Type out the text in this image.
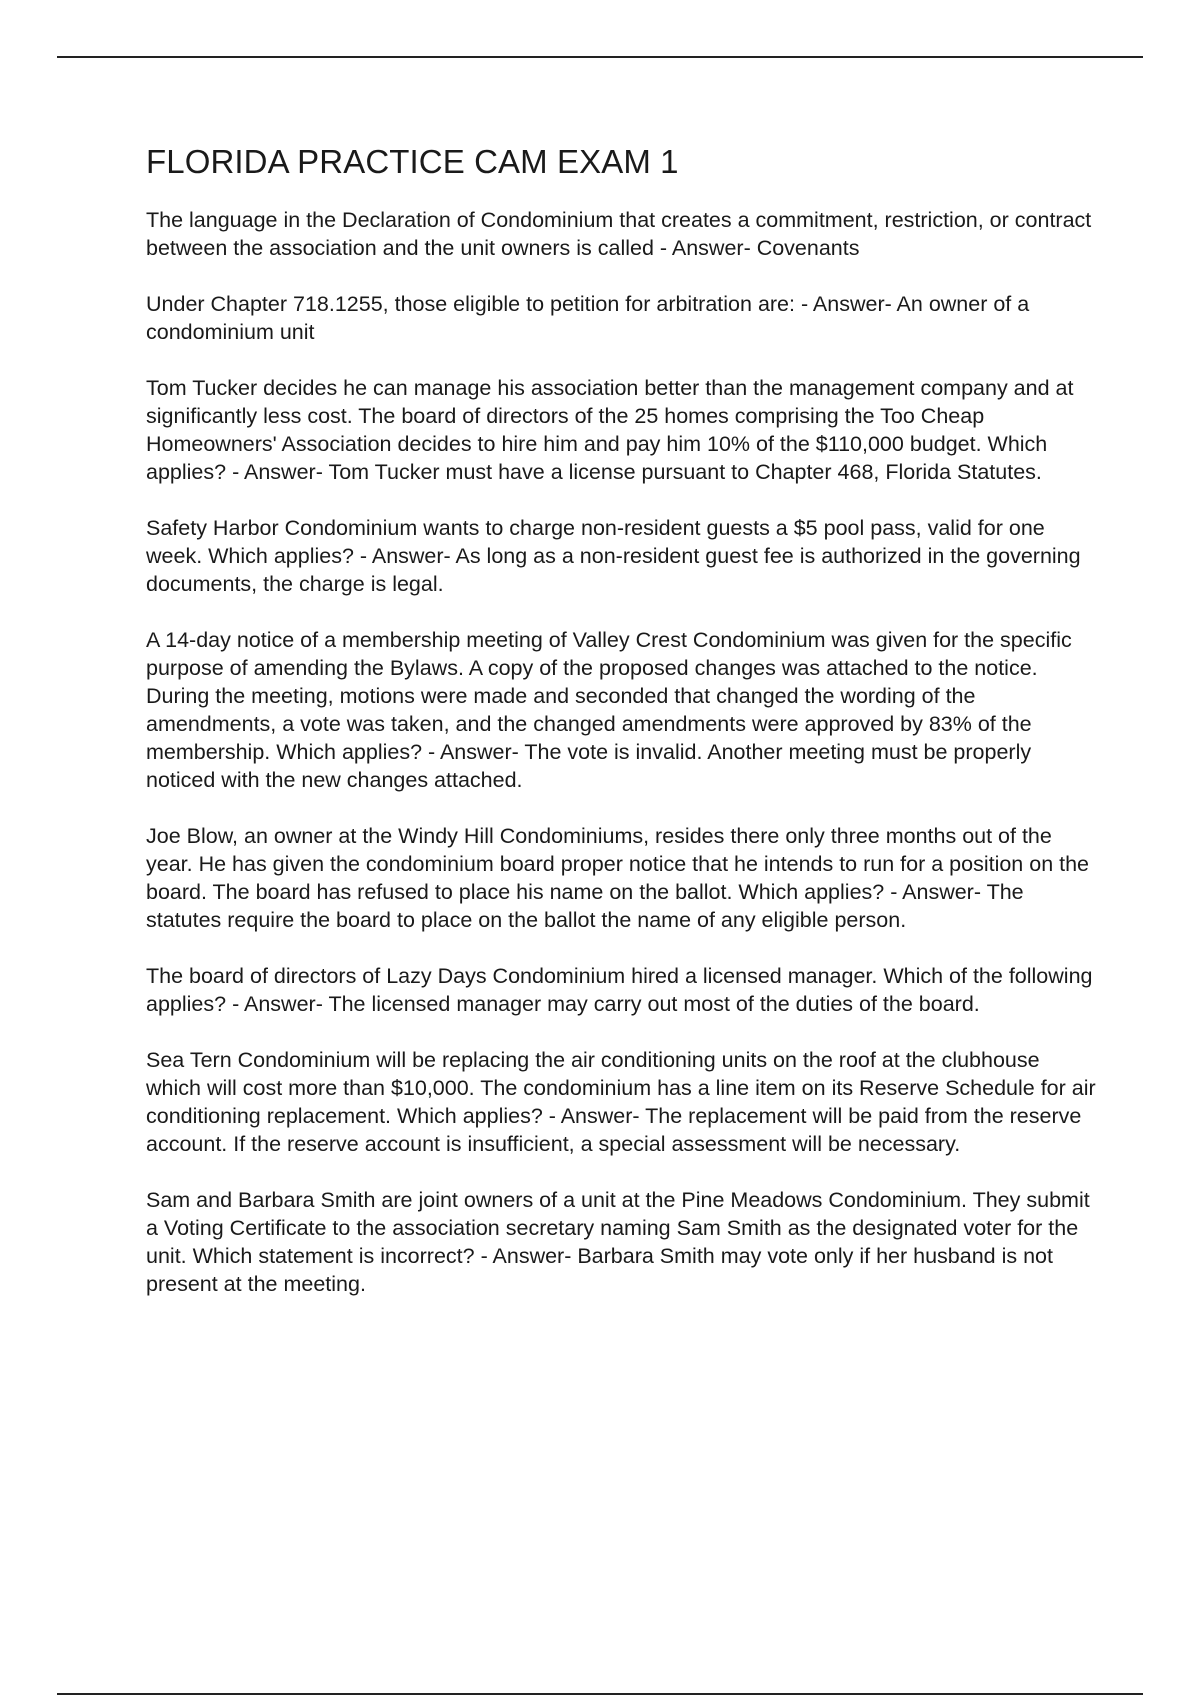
FLORIDA PRACTICE CAM EXAM 1

The language in the Declaration of Condominium that creates a commitment, restriction, or contract between the association and the unit owners is called - Answer- Covenants

Under Chapter 718.1255, those eligible to petition for arbitration are: - Answer- An owner of a condominium unit

Tom Tucker decides he can manage his association better than the management company and at significantly less cost. The board of directors of the 25 homes comprising the Too Cheap Homeowners' Association decides to hire him and pay him 10% of the $110,000 budget. Which applies? - Answer- Tom Tucker must have a license pursuant to Chapter 468, Florida Statutes.

Safety Harbor Condominium wants to charge non-resident guests a $5 pool pass, valid for one week. Which applies? - Answer- As long as a non-resident guest fee is authorized in the governing documents, the charge is legal.

A 14-day notice of a membership meeting of Valley Crest Condominium was given for the specific purpose of amending the Bylaws. A copy of the proposed changes was attached to the notice. During the meeting, motions were made and seconded that changed the wording of the amendments, a vote was taken, and the changed amendments were approved by 83% of the membership. Which applies? - Answer- The vote is invalid. Another meeting must be properly noticed with the new changes attached.

Joe Blow, an owner at the Windy Hill Condominiums, resides there only three months out of the year. He has given the condominium board proper notice that he intends to run for a position on the board. The board has refused to place his name on the ballot. Which applies? - Answer- The statutes require the board to place on the ballot the name of any eligible person.

The board of directors of Lazy Days Condominium hired a licensed manager. Which of the following applies? - Answer- The licensed manager may carry out most of the duties of the board.

Sea Tern Condominium will be replacing the air conditioning units on the roof at the clubhouse which will cost more than $10,000. The condominium has a line item on its Reserve Schedule for air conditioning replacement. Which applies? - Answer- The replacement will be paid from the reserve account. If the reserve account is insufficient, a special assessment will be necessary.

Sam and Barbara Smith are joint owners of a unit at the Pine Meadows Condominium. They submit a Voting Certificate to the association secretary naming Sam Smith as the designated voter for the unit. Which statement is incorrect? - Answer- Barbara Smith may vote only if her husband is not present at the meeting.
